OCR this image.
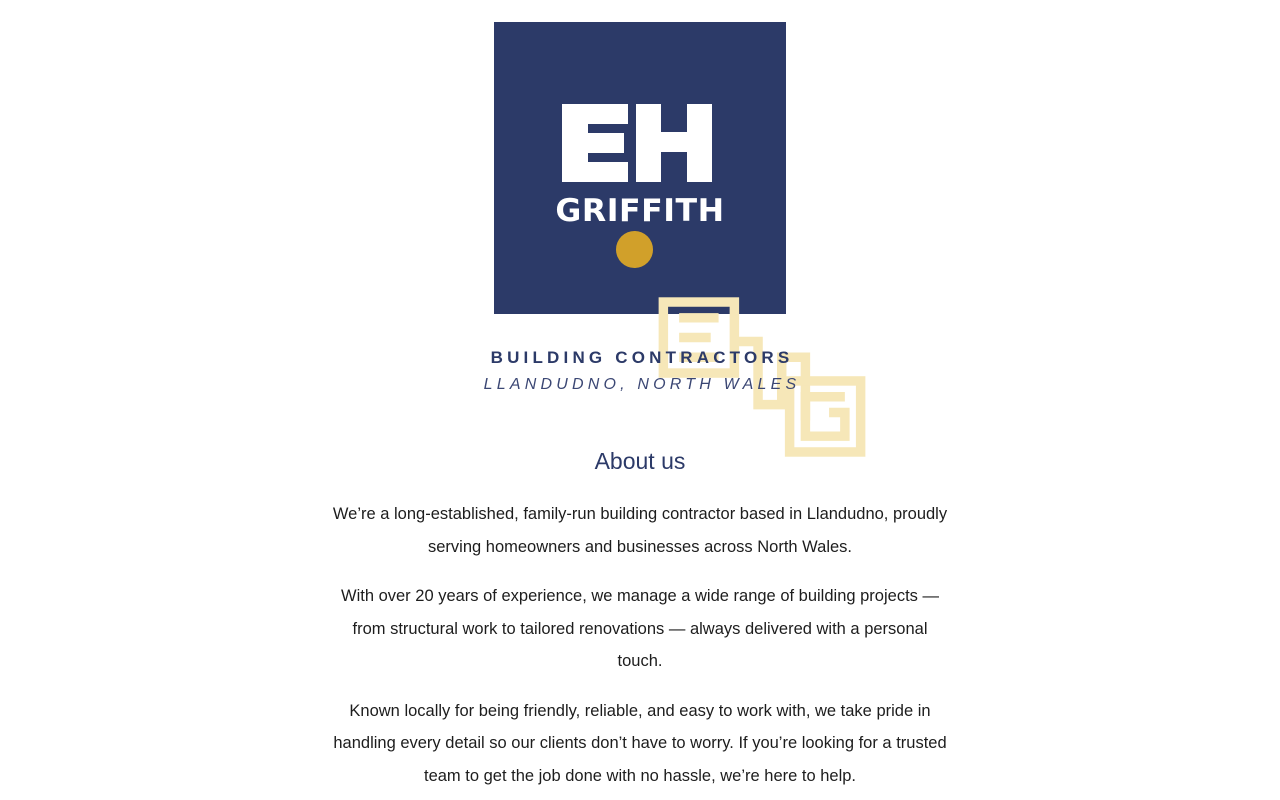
GRIFFITH
BUILDING CONTRACTORS
LLANDUDNO, NORTH WALES
About us

We’re a long-established, family-run building contractor based in Llandudno, proudly serving homeowners and businesses across North Wales.

With over 20 years of experience, we manage a wide range of building projects — from structural work to tailored renovations — always delivered with a personal touch.

Known locally for being friendly, reliable, and easy to work with, we take pride in handling every detail so our clients don’t have to worry. If you’re looking for a trusted team to get the job done with no hassle, we’re here to help.
